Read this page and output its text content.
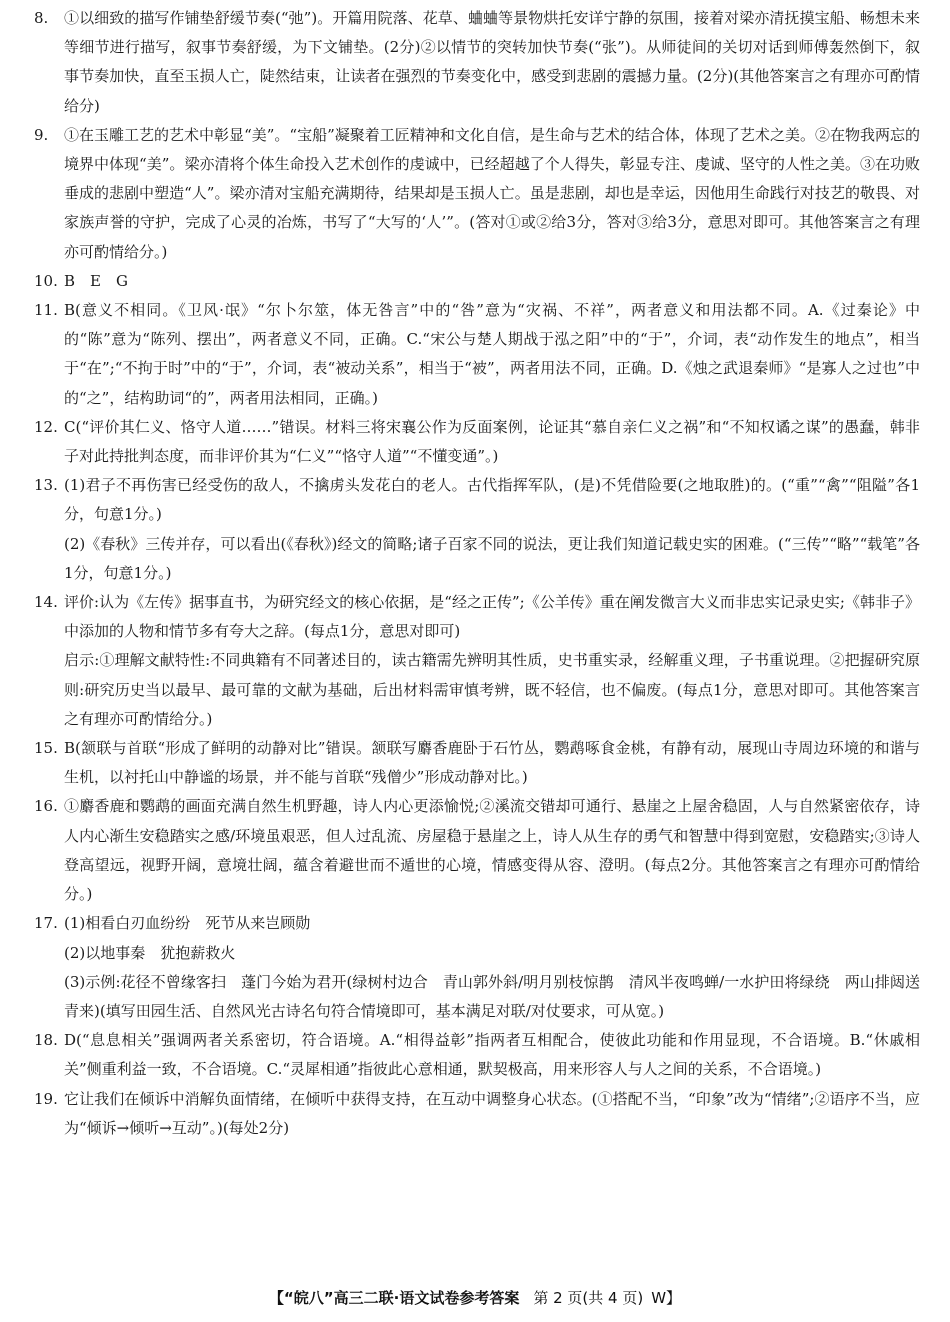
8. ①以细致的描写作铺垫舒缓节奏(“弛”)。开篇用院落、花草、蛐蛐等景物烘托安详宁静的氛围，接着对梁亦清抚摸宝船、畅想未来等细节进行描写，叙事节奏舒缓，为下文铺垫。(2分)②以情节的突转加快节奏(“张”)。从师徒间的关切对话到师傅轰然倒下，叙事节奏加快，直至玉损人亡，陡然结束，让读者在强烈的节奏变化中，感受到悲剧的震撼力量。(2分)(其他答案言之有理亦可酌情给分)

9. ①在玉雕工艺的艺术中彰显“美”。“宝船”凝聚着工匠精神和文化自信，是生命与艺术的结合体，体现了艺术之美。②在物我两忘的境界中体现“美”。梁亦清将个体生命投入艺术创作的虔诚中，已经超越了个人得失，彰显专注、虔诚、坚守的人性之美。③在功败垂成的悲剧中塑造“人”。梁亦清对宝船充满期待，结果却是玉损人亡。虽是悲剧，却也是幸运，因他用生命践行对技艺的敬畏、对家族声誉的守护，完成了心灵的冶炼，书写了“大写的‘人’”。(答对①或②给3分，答对③给3分，意思对即可。其他答案言之有理亦可酌情给分。)

10. B　E　G

11. B(意义不相同。《卫风·氓》“尔卜尔筮，体无咎言”中的“咎”意为“灾祸、不祥”，两者意义和用法都不同。A.《过秦论》中的“陈”意为“陈列、摆出”，两者意义不同，正确。C.“宋公与楚人期战于泓之阳”中的“于”，介词，表“动作发生的地点”，相当于“在”;“不拘于时”中的“于”，介词，表“被动关系”，相当于“被”，两者用法不同，正确。D.《烛之武退秦师》“是寡人之过也”中的“之”，结构助词“的”，两者用法相同，正确。)

12. C(“评价其仁义、恪守人道……”错误。材料三将宋襄公作为反面案例，论证其“慕自亲仁义之祸”和“不知权谲之谋”的愚蠢，韩非子对此持批判态度，而非评价其为“仁义”“恪守人道”“不懂变通”。)

13. (1)君子不再伤害已经受伤的敌人，不擒虏头发花白的老人。古代指挥军队，(是)不凭借险要(之地取胜)的。(“重”“禽”“阻隘”各1分，句意1分。)

(2)《春秋》三传并存，可以看出(《春秋》)经文的简略;诸子百家不同的说法，更让我们知道记载史实的困难。(“三传”“略”“载笔”各1分，句意1分。)

14. 评价:认为《左传》据事直书，为研究经文的核心依据，是“经之正传”;《公羊传》重在阐发微言大义而非忠实记录史实;《韩非子》中添加的人物和情节多有夸大之辞。(每点1分，意思对即可)

启示:①理解文献特性:不同典籍有不同著述目的，读古籍需先辨明其性质，史书重实录，经解重义理，子书重说理。②把握研究原则:研究历史当以最早、最可靠的文献为基础，后出材料需审慎考辨，既不轻信，也不偏废。(每点1分，意思对即可。其他答案言之有理亦可酌情给分。)

15. B(颔联与首联“形成了鲜明的动静对比”错误。颔联写麝香鹿卧于石竹丛，鹦鹉啄食金桃，有静有动，展现山寺周边环境的和谐与生机，以衬托山中静谧的场景，并不能与首联“残僧少”形成动静对比。)

16. ①麝香鹿和鹦鹉的画面充满自然生机野趣，诗人内心更添愉悦;②溪流交错却可通行、悬崖之上屋舍稳固，人与自然紧密依存，诗人内心渐生安稳踏实之感/环境虽艰恶，但人过乱流、房屋稳于悬崖之上，诗人从生存的勇气和智慧中得到宽慰，安稳踏实;③诗人登高望远，视野开阔，意境壮阔，蕴含着避世而不遁世的心境，情感变得从容、澄明。(每点2分。其他答案言之有理亦可酌情给分。)

17. (1)相看白刃血纷纷　死节从来岂顾勋

(2)以地事秦　犹抱薪救火

(3)示例:花径不曾缘客扫　蓬门今始为君开(绿树村边合　青山郭外斜/明月别枝惊鹊　清风半夜鸣蝉/一水护田将绿绕　两山排闼送青来)(填写田园生活、自然风光古诗名句符合情境即可，基本满足对联/对仗要求，可从宽。)

18. D(“息息相关”强调两者关系密切，符合语境。A.“相得益彰”指两者互相配合，使彼此功能和作用显现，不合语境。B.“休戚相关”侧重利益一致，不合语境。C.“灵犀相通”指彼此心意相通，默契极高，用来形容人与人之间的关系，不合语境。)

19. 它让我们在倾诉中消解负面情绪，在倾听中获得支持，在互动中调整身心状态。(①搭配不当，“印象”改为“情绪”;②语序不当，应为“倾诉→倾听→互动”。)(每处2分)

【“皖八”高三二联·语文试卷参考答案 第 2 页(共 4 页) W】
